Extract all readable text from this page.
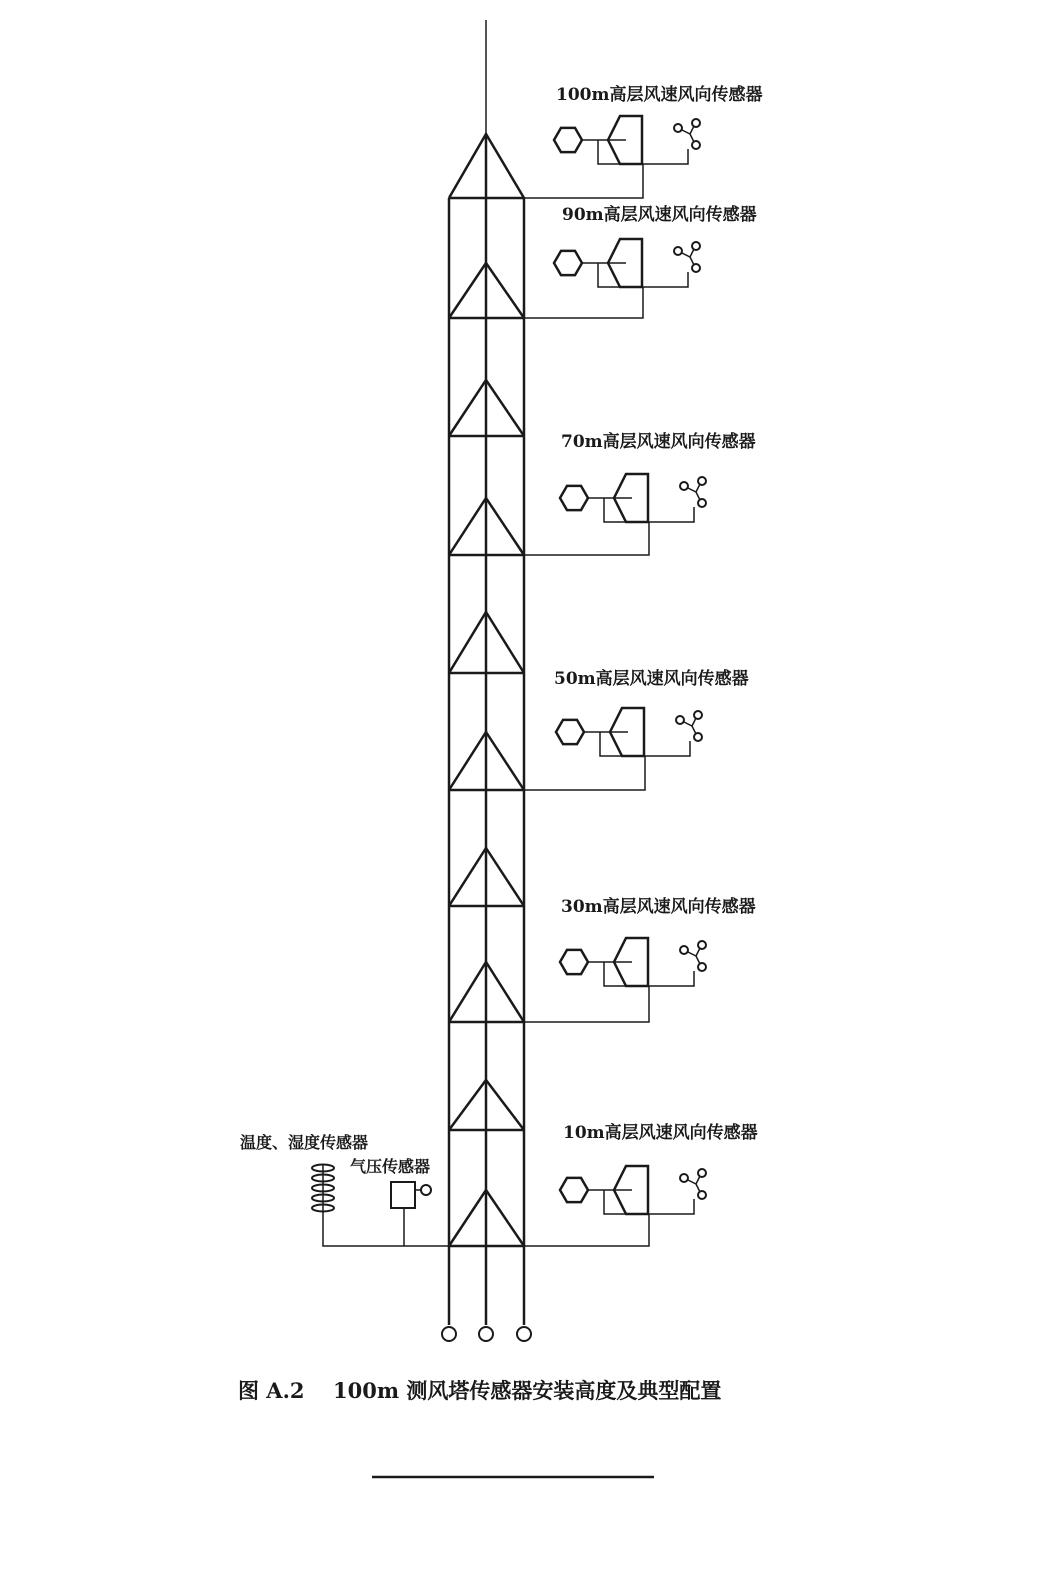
100m高层风速风向传感器
90m高层风速风向传感器
70m高层风速风向传感器
50m高层风速风向传感器
30m高层风速风向传感器
10m高层风速风向传感器
温度、湿度传感器
气压传感器
图 A.2 100m 测风塔传感器安装高度及典型配置
